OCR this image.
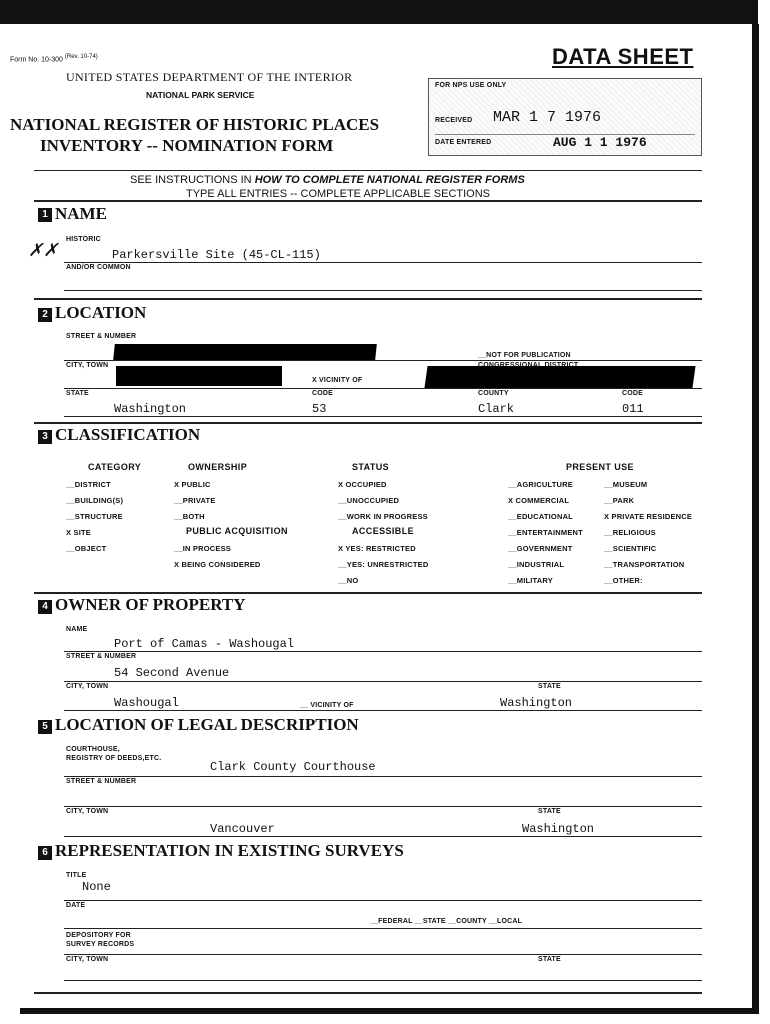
Form No. 10-300 (Rev. 10-74)	DATA SHEET
UNITED STATES DEPARTMENT OF THE INTERIOR
NATIONAL PARK SERVICE
NATIONAL REGISTER OF HISTORIC PLACES
INVENTORY -- NOMINATION FORM
FOR NPS USE ONLY
RECEIVED MAR 1 7 1976
DATE ENTERED	AUG 1 1 1976
SEE INSTRUCTIONS IN HOW TO COMPLETE NATIONAL REGISTER FORMS
TYPE ALL ENTRIES -- COMPLETE APPLICABLE SECTIONS
1 NAME
HISTORIC
✗✗	Parkersville Site (45-CL-115)
AND/OR COMMON
2 LOCATION
STREET & NUMBER
__NOT FOR PUBLICATION
CITY, TOWN
X VICINITY OF
STATE	CODE	COUNTY	CODE
Washington	53	Clark	011
3 CLASSIFICATION
CATEGORY
__DISTRICT
__BUILDING(S)
__STRUCTURE
X SITE
__OBJECT
OWNERSHIP
X PUBLIC
__PRIVATE
__BOTH
PUBLIC ACQUISITION
__IN PROCESS
X BEING CONSIDERED
STATUS
X OCCUPIED
__UNOCCUPIED
__WORK IN PROGRESS
ACCESSIBLE
X YES: RESTRICTED
__YES: UNRESTRICTED
__NO
PRESENT USE
__AGRICULTURE
X COMMERCIAL
__EDUCATIONAL
__ENTERTAINMENT
__GOVERNMENT
__INDUSTRIAL
__MILITARY
__MUSEUM
__PARK
X PRIVATE RESIDENCE
__RELIGIOUS
__SCIENTIFIC
__TRANSPORTATION
__OTHER:
4 OWNER OF PROPERTY
NAME
Port of Camas - Washougal
STREET & NUMBER
54 Second Avenue
CITY, TOWN	STATE
Washougal	__ VICINITY OF	Washington
5 LOCATION OF LEGAL DESCRIPTION
COURTHOUSE,
REGISTRY OF DEEDS,ETC.
Clark County Courthouse
STREET & NUMBER
CITY, TOWN	STATE
Vancouver	Washington
6 REPRESENTATION IN EXISTING SURVEYS
TITLE
None
DATE
__FEDERAL __STATE __COUNTY __LOCAL
DEPOSITORY FOR
SURVEY RECORDS
CITY, TOWN	STATE
